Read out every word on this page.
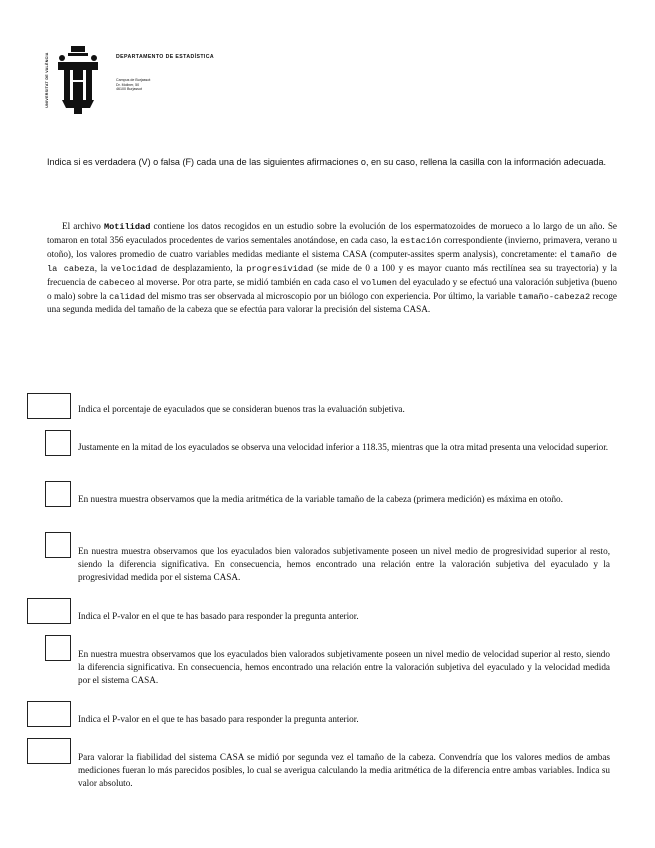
UNIVERSITAT DE VALÈNCIA	DEPARTAMENTO DE ESTADÍSTICA
Campus de Burjassot
Dr. Moliner, 50
46100 Burjassot
Indica si es verdadera (V) o falsa (F) cada una de las siguientes afirmaciones o, en su caso, rellena la casilla con la información adecuada.
El archivo Motilidad contiene los datos recogidos en un estudio sobre la evolución de los espermatozoides de morueco a lo largo de un año. Se tomaron en total 356 eyaculados procedentes de varios sementales anotándose, en cada caso, la estación correspondiente (invierno, primavera, verano u otoño), los valores promedio de cuatro variables medidas mediante el sistema CASA (computer-assites sperm analysis), concretamente: el tamaño de la cabeza, la velocidad de desplazamiento, la progresividad (se mide de 0 a 100 y es mayor cuanto más rectilínea sea su trayectoria) y la frecuencia de cabeceo al moverse. Por otra parte, se midió también en cada caso el volumen del eyaculado y se efectuó una valoración subjetiva (bueno o malo) sobre la calidad del mismo tras ser observada al microscopio por un biólogo con experiencia. Por último, la variable tamaño-cabeza2 recoge una segunda medida del tamaño de la cabeza que se efectúa para valorar la precisión del sistema CASA.
Indica el porcentaje de eyaculados que se consideran buenos tras la evaluación subjetiva.
Justamente en la mitad de los eyaculados se observa una velocidad inferior a 118.35, mientras que la otra mitad presenta una velocidad superior.
En nuestra muestra observamos que la media aritmética de la variable tamaño de la cabeza (primera medición) es máxima en otoño.
En nuestra muestra observamos que los eyaculados bien valorados subjetivamente poseen un nivel medio de progresividad superior al resto, siendo la diferencia significativa. En consecuencia, hemos encontrado una relación entre la valoración subjetiva del eyaculado y la progresividad medida por el sistema CASA.
Indica el P-valor en el que te has basado para responder la pregunta anterior.
En nuestra muestra observamos que los eyaculados bien valorados subjetivamente poseen un nivel medio de velocidad superior al resto, siendo la diferencia significativa. En consecuencia, hemos encontrado una relación entre la valoración subjetiva del eyaculado y la velocidad medida por el sistema CASA.
Indica el P-valor en el que te has basado para responder la pregunta anterior.
Para valorar la fiabilidad del sistema CASA se midió por segunda vez el tamaño de la cabeza. Convendría que los valores medios de ambas mediciones fueran lo más parecidos posibles, lo cual se averigua calculando la media aritmética de la diferencia entre ambas variables. Indica su valor absoluto.
